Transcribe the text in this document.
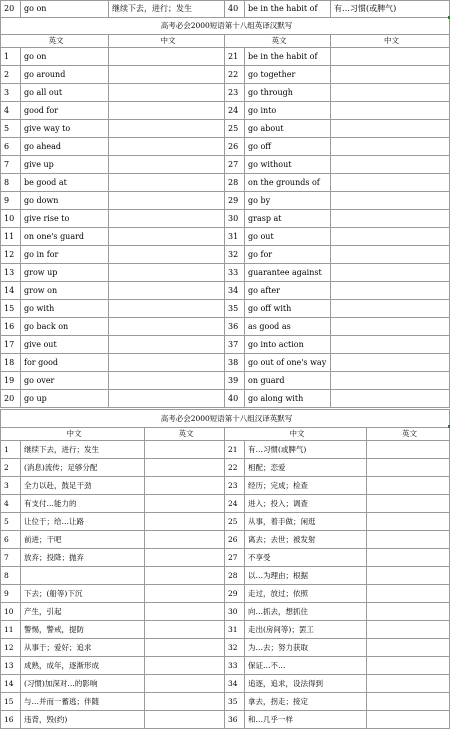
20	go on	继续下去，进行；发生	40	be in the habit of	有…习惯(或脾气)
高考必会2000短语第十八组英译汉默写					
英文		中文	英文		中文
1	go on		21	be in the habit of	
2	go around		22	go together	
3	go all out		23	go through	
4	good for		24	go into	
5	give way to		25	go about	
6	go ahead		26	go off	
7	give up		27	go without	
8	be good at		28	on the grounds of	
9	go down		29	go by	
10	give rise to		30	grasp at	
11	on one's guard		31	go out	
12	go in for		32	go for	
13	grow up		33	guarantee against	
14	grow on		34	go after	
15	go with		35	go off with	
16	go back on		36	as good as	
17	give out		37	go into action	
18	for good		38	go out of one's way	
19	go over		39	on guard	
20	go up		40	go along with	
高考必会2000短语第十八组汉译英默写					
中文		英文	中文		英文
1	继续下去，进行；发生		21	有…习惯(或脾气)	
2	(消息)流传；足够分配		22	相配；恋爱	
3	全力以赴，鼓足干劲		23	经历；完成；检查	
4	有支付…能力的		24	进入；投入；调查	
5	让位于；给…让路		25	从事，着手做；闲逛	
6	前进；干吧		26	离去；去世；被发射	
7	放弃；投降；抛弃		27	不享受	
8			28	以…为理由；根据	
9	下去；(船等)下沉		29	走过，放过；依照	
10	产生，引起		30	向…抓去，想抓住	
11	警惕，警戒，提防		31	走出(房间等)；罢工	
12	从事于；爱好；追求		32	为…去；努力获取	
13	成熟，成年，逐渐形成		33	保证…不…	
14	(习惯)加深对…的影响		34	追逐，追求，设法得到	
15	与…并而一蓄逃；伴随		35	拿去，拐走；接定	
16	违背，毁(约)		36	和…几乎一样	
